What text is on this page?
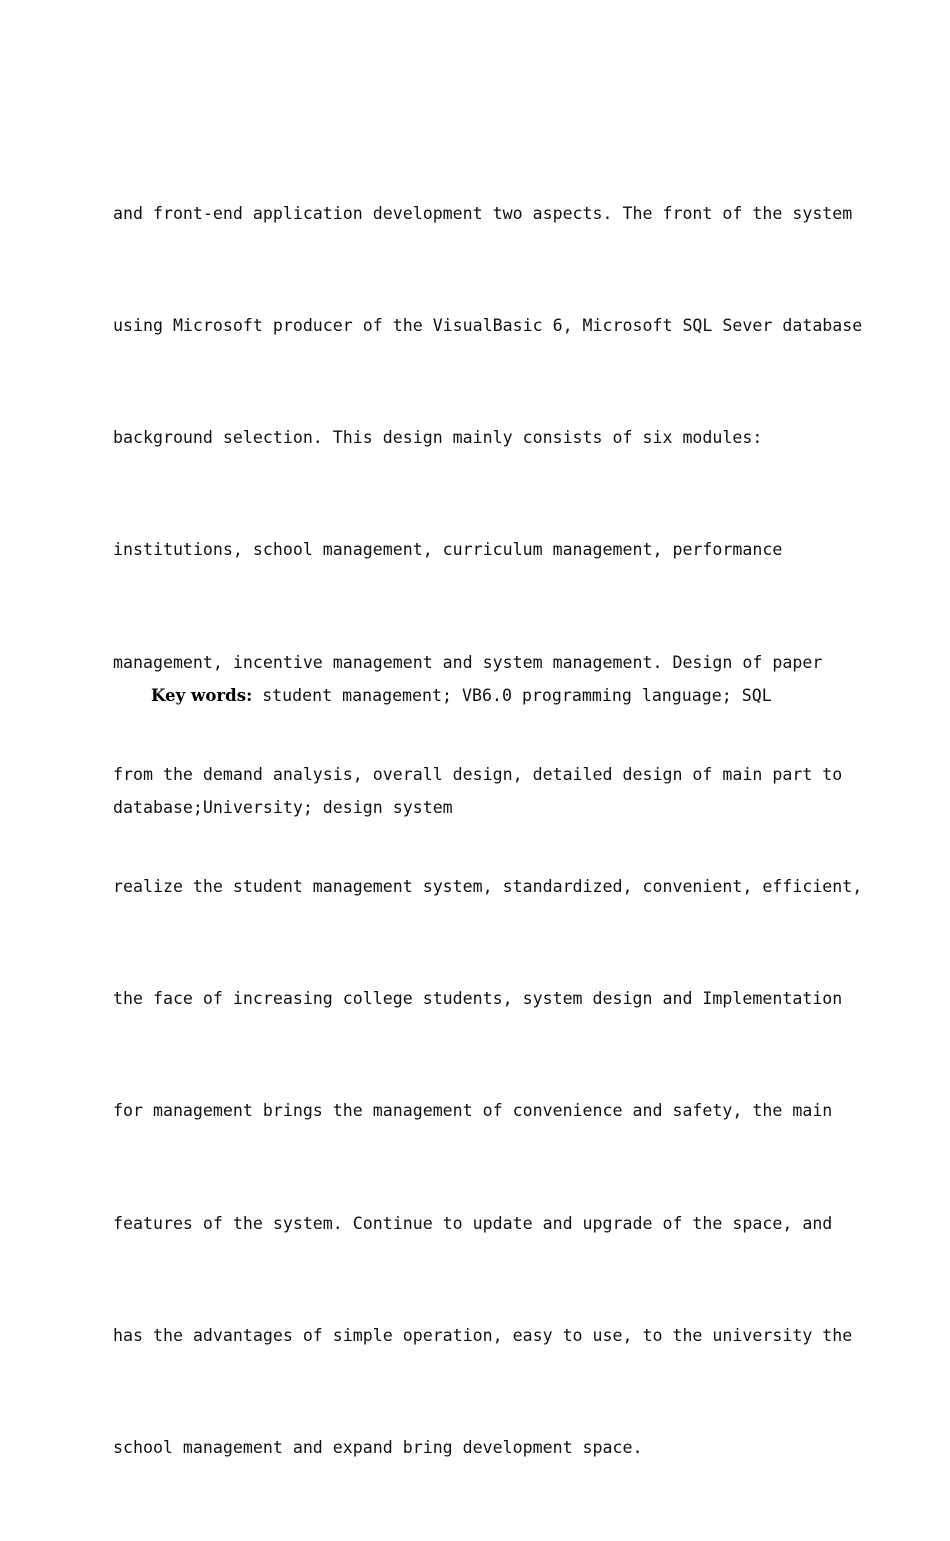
and front-end application development two aspects. The front of the system

using Microsoft producer of the VisualBasic 6, Microsoft SQL Sever database

background selection. This design mainly consists of six modules:

institutions, school management, curriculum management, performance

management, incentive management and system management. Design of paper

from the demand analysis, overall design, detailed design of main part to

realize the student management system, standardized, convenient, efficient,

the face of increasing college students, system design and Implementation

for management brings the management of convenience and safety, the main

features of the system. Continue to update and upgrade of the space, and

has the advantages of simple operation, easy to use, to the university the

school management and expand bring development space.

Key words: student management; VB6.0 programming language; SQL

database;University; design system
